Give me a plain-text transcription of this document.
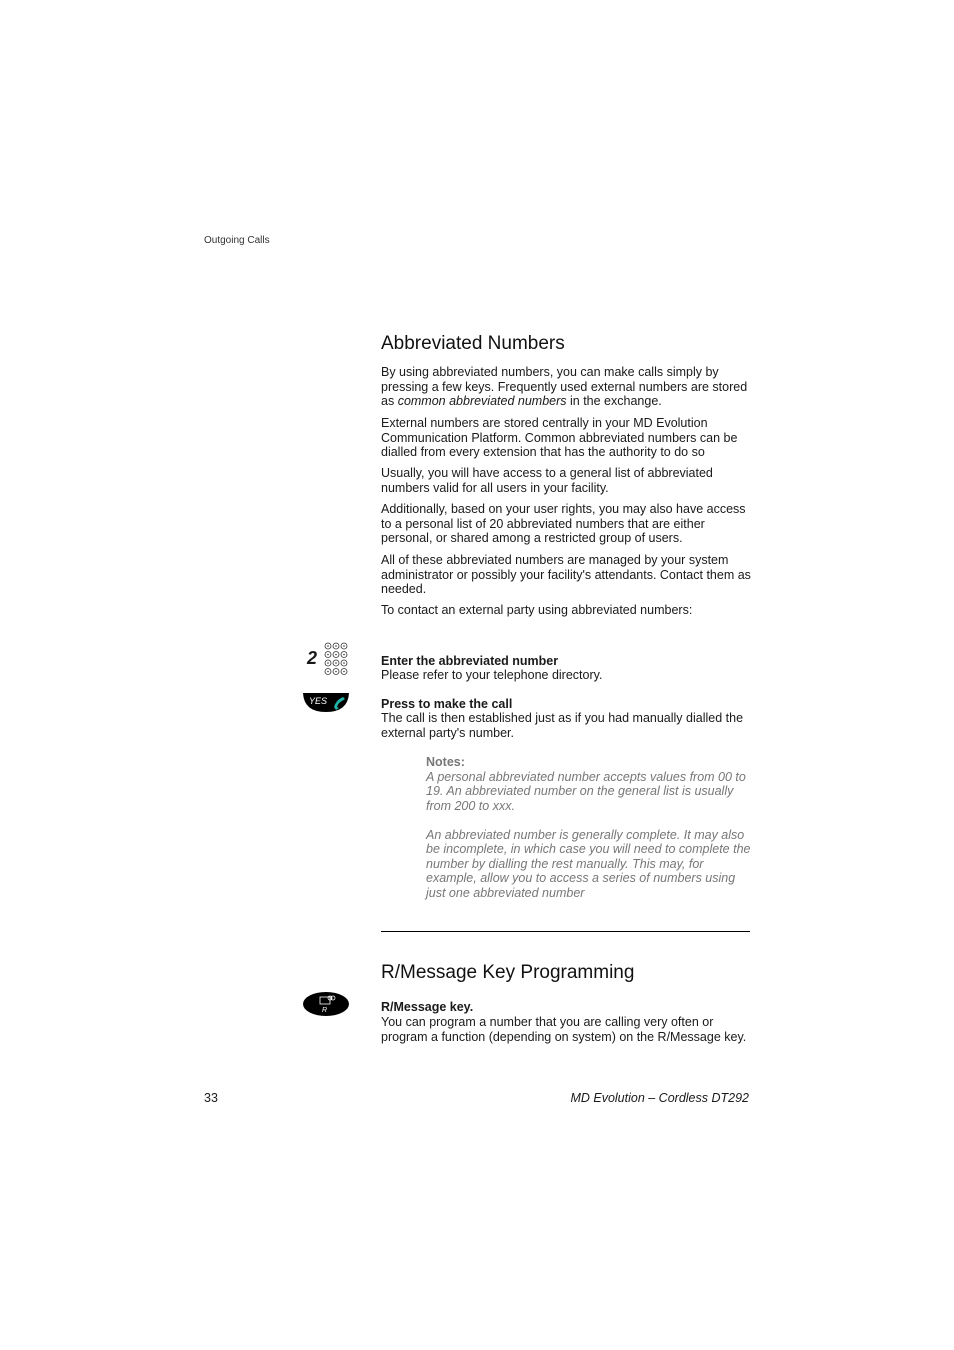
Outgoing Calls
Abbreviated Numbers

By using abbreviated numbers, you can make calls simply by pressing a few keys. Frequently used external numbers are stored as common abbreviated numbers in the exchange.

External numbers are stored centrally in your MD Evolution Communication Platform. Common abbreviated numbers can be dialled from every extension that has the authority to do so

Usually, you will have access to a general list of abbreviated numbers valid for all users in your facility.

Additionally, based on your user rights, you may also have access to a personal list of 20 abbreviated numbers that are either personal, or shared among a restricted group of users.

All of these abbreviated numbers are managed by your system administrator or possibly your facility's attendants. Contact them as needed.

To contact an external party using abbreviated numbers:

2	Enter the abbreviated number
Please refer to your telephone directory.
YES	Press to make the call
The call is then established just as if you had manually dialled the external party's number.
Notes:
A personal abbreviated number accepts values from 00 to 19. An abbreviated number on the general list is usually from 200 to xxx.
An abbreviated number is generally complete. It may also be incomplete, in which case you will need to complete the number by dialling the rest manually. This may, for example, allow you to access a series of numbers using just one abbreviated number
R/Message Key Programming
R	R/Message key.
You can program a number that you are calling very often or program a function (depending on system) on the R/Message key.
33	MD Evolution – Cordless DT292
